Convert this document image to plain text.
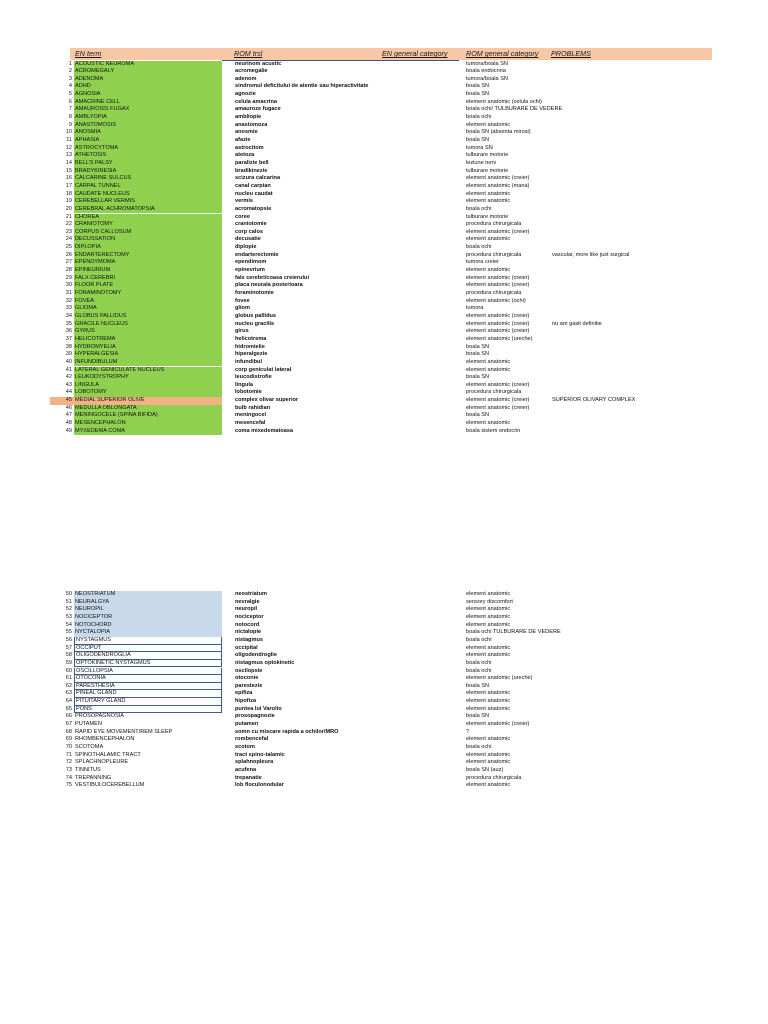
EN term	ROM trsl	EN general category	ROM general category PROBLEMS
1 ACOUSTIC NEUROMA	neurinom acustic	tumora/boala SN
2 ACROMEGALY	acromegalie	boala endocrina
3 ADENOMA	adenom	tumora/boala SN
4 ADHD	sindromul deficitului de atentie sau hiperactivitate	boala SN
5 AGNOSIA	agnozie	boala SN
6 AMACRINE CELL	celula amacrina	element anatomic (celula ochi)
7 AMAUROSIS FUGAX	amauroze fugace	boala ochi/ TULBURARE DE VEDERE
8 AMBLYOPIA	ambliopie	boala ochi
9 ANASTOMOSIS	anastomoza	element anatomic
10 ANOSMIA	anosmie	boala SN (absenta mirosi)
11 APHASIA	afazie	boala SN
12 ASTROCYTOMA	astrocitom	tumora SN
13 ATHETOSIS	atetoza	tulburare motorie
14 BELL'S PALSY	paralizie bell	leziune nerv
15 BRADYKINESIA	bradikinezie	tulburare motorie
16 CALCARINE SULCUS	scizura calcarina	element anatomic (creier)
17 CARPAL TUNNEL	canal carpian	element anatomic (mana)
18 CAUDATE NUCLEUS	nucleu caudat	element anatomic
19 CEREBELLAR VERMIS	vermis	element anatomic
20 CEREBRAL ACHROMATOPSIA	acromatopsie	boala ochi
21 CHOREA	coree	tulburare motorie
22 CRANIOTOMY	craniotomie	procedura chirurgicala
23 CORPUS CALLOSUM	corp calos	element anatomic (creier)
24 DECUSSATION	decusatie	element anatomic
25 DIPLOPIA	diplopie	boala ochi
26 ENDARTERECTOMY	endarterectomie	procedura chirurgicala	vascular, more like just surgical
27 EPENDYMOMA	ependimom	tumora creier
28 EPINEURIUM	epinevrium	element anatomic
29 FALX CEREBRI	falx cerebri/coasa creierului	element anatomic (creier)
30 FLOOR PLATE	placa neurala posterioara	element anatomic (creier)
31 FORAMINOTOMY	foraminotomie	procedura chirurgicala
32 FOVEA	fovee	element anatomic (ochi)
33 GLIOMA	gliom	tumora
34 GLOBUS PALLIDUS	globus pallidus	element anatomic (creier)
35 GRACILE NUCLEUS	nucleu gracilis	element anatomic (creier)	nu am gasit definitie
36 GYRUS	girus	element anatomic (creier)
37 HELICOTREMA	helicotrema	element anatomic (ureche)
38 HYDROMYELIA	hidromielie	boala SN
39 HYPERALGESIA	hiperalgezie	boala SN
40 INFUNDIBULUM	infundibul	element anatomic
41 LATERAL GENICULATE NUCLEUS	corp geniculat lateral	element anatomic
42 LEUKODYSTROPHY	leucodistrofie	boala SN
43 LINGULA	lingula	element anatomic (creier)
44 LOBOTOMY	lobotomie	procedura chirurgicala
45 MEDIAL SUPERIOR OLIVE	complex olivar superior	element anatomic (creier)	SUPERIOR OLIVARY COMPLEX
46 MEDULLA OBLONGATA	bulb rahidian	element anatomic (creier)
47 MENINGOCELE (SPINA BIFIDA)	meningocel	boala SN
48 MESENCEPHALON	mesencefal	element anatomic
49 MYXEDEMA COMA	coma mixedematoasa	boala sistem endocrin
50 NEOSTRIATUM	neostriatum	element anatomic
51 NEURALGYA	nevralgie	sensory discomfort
52 NEUROPIL	neuropil	element anatomic
53 NOCICEPTOR	nociceptor	element anatomic
54 NOTOCHORD	notocord	element anatomic
55 NYCTALOPIA	nictalopie	boala ochi TULBURARE DE VEDERE
56 NYSTAGMUS	nistagmus	boala ochi
57 OCCIPUT	occipital	element anatomic
58 OLIGODENDROGLIA	oligodendroglie	element anatomic
59 OPTOKINETIC NYSTAGMUS	nistagmus optokinetic	boala ochi
60 OSCILLOPSIA	oscilopsie	boala ochi
61 OTOCONIA	otoconie	element anatomic (ureche)
62 PARESTHESIA	parestezie	boala SN
63 PINEAL GLAND	epifiza	element anatomic
64 PITUITARY GLAND	hipofiza	element anatomic
65 PONS	puntea lui Varolio	element anatomic
66 PROSOPAGNOSIA	prosopagnozie	boala SN
67 PUTAMEN	putamen	element anatomic (creier)
68 RAPID EYE MOVEMENT/REM SLEEP	somn cu miscare rapida a ochilor/MRO	?
69 RHOMBENCEPHALON	rombencefal	element anatomic
70 SCOTOMA	scotom	boala ochi
71 SPINOTHALAMIC TRACT	tract spino-talamic	element anatomic
72 SPLACHNOPLEURE	splahnopleura	element anatomic
73 TINNITUS	acufena	boala SN (auz)
74 TREPANNING	trepanatie	procedura chirurgicala
75 VESTIBULOCEREBELLUM	lob floculonodular	element anatomic
